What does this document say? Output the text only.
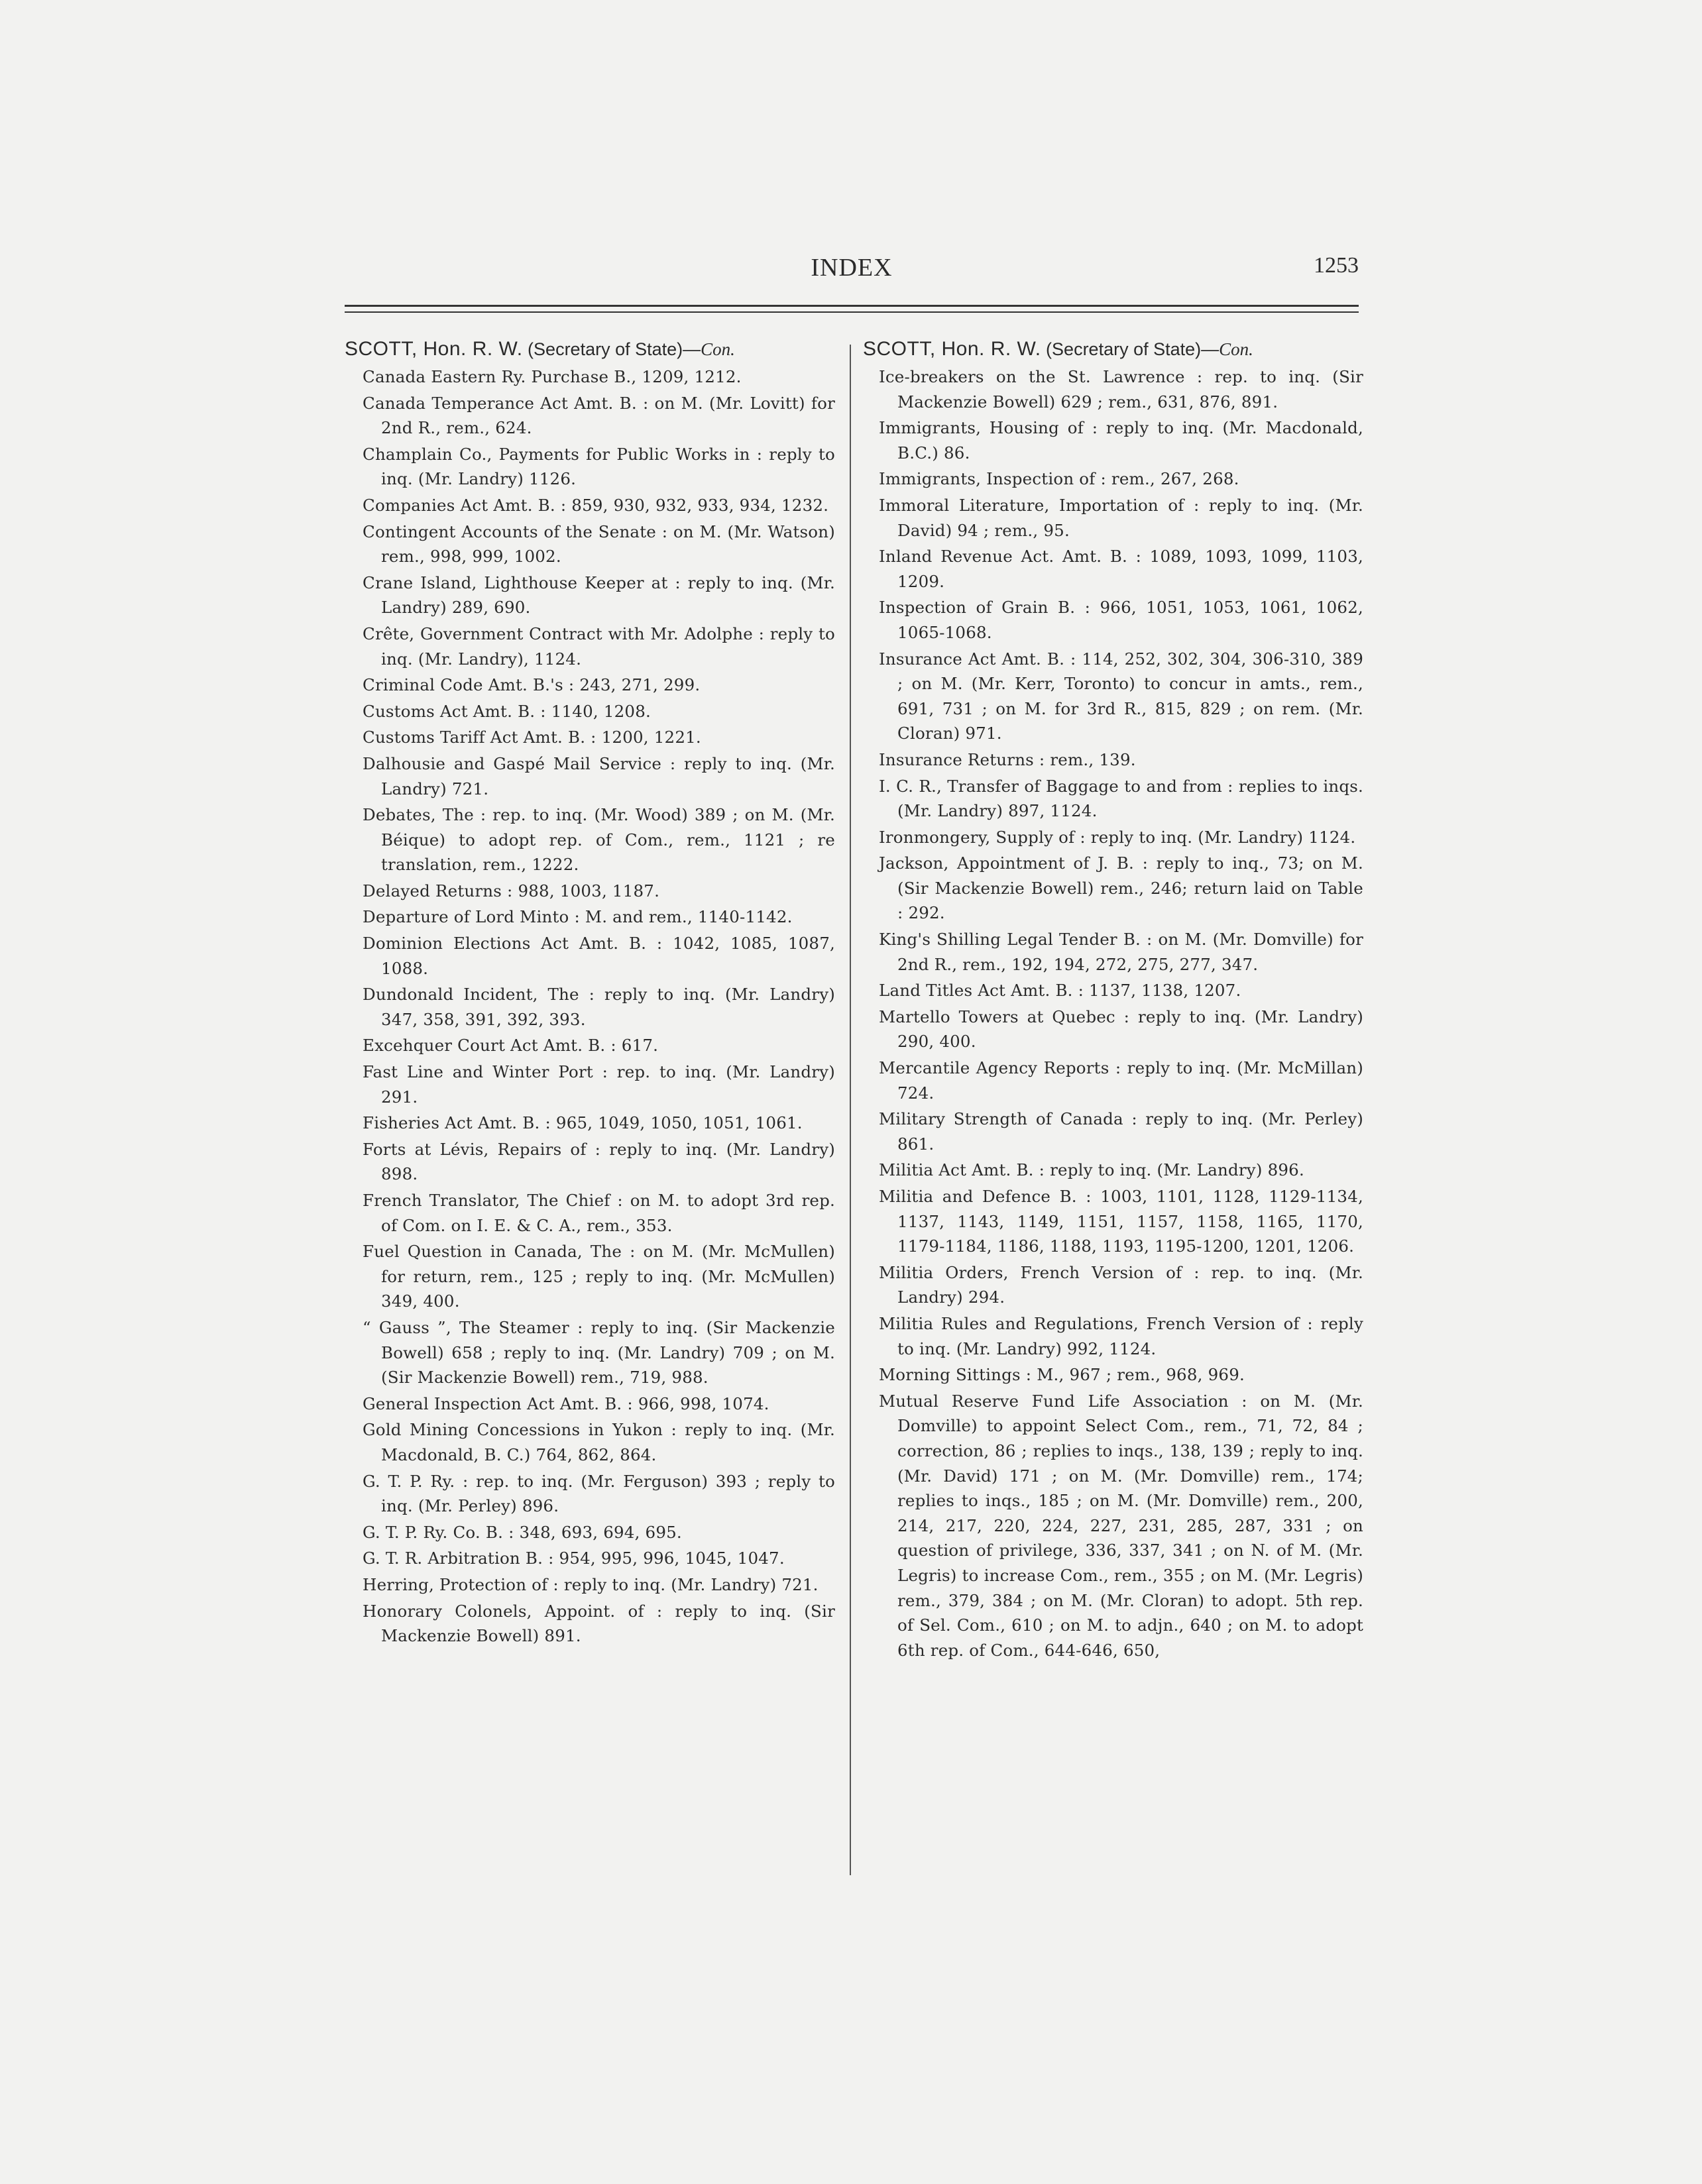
INDEX	1253
SCOTT, Hon. R. W. (Secretary of State)—Con.

Canada Eastern Ry. Purchase B., 1209, 1212.

Canada Temperance Act Amt. B. : on M. (Mr. Lovitt) for 2nd R., rem., 624.

Champlain Co., Payments for Public Works in : reply to inq. (Mr. Landry) 1126.

Companies Act Amt. B. : 859, 930, 932, 933, 934, 1232.

Contingent Accounts of the Senate : on M. (Mr. Watson) rem., 998, 999, 1002.

Crane Island, Lighthouse Keeper at : reply to inq. (Mr. Landry) 289, 690.

Crête, Government Contract with Mr. Adolphe : reply to inq. (Mr. Landry), 1124.

Criminal Code Amt. B.'s : 243, 271, 299.

Customs Act Amt. B. : 1140, 1208.

Customs Tariff Act Amt. B. : 1200, 1221.

Dalhousie and Gaspé Mail Service : reply to inq. (Mr. Landry) 721.

Debates, The : rep. to inq. (Mr. Wood) 389 ; on M. (Mr. Béique) to adopt rep. of Com., rem., 1121 ; re translation, rem., 1222.

Delayed Returns : 988, 1003, 1187.

Departure of Lord Minto : M. and rem., 1140-1142.

Dominion Elections Act Amt. B. : 1042, 1085, 1087, 1088.

Dundonald Incident, The : reply to inq. (Mr. Landry) 347, 358, 391, 392, 393.

Excehquer Court Act Amt. B. : 617.

Fast Line and Winter Port : rep. to inq. (Mr. Landry) 291.

Fisheries Act Amt. B. : 965, 1049, 1050, 1051, 1061.

Forts at Lévis, Repairs of : reply to inq. (Mr. Landry) 898.

French Translator, The Chief : on M. to adopt 3rd rep. of Com. on I. E. & C. A., rem., 353.

Fuel Question in Canada, The : on M. (Mr. McMullen) for return, rem., 125 ; reply to inq. (Mr. McMullen) 349, 400.

“ Gauss ”, The Steamer : reply to inq. (Sir Mackenzie Bowell) 658 ; reply to inq. (Mr. Landry) 709 ; on M. (Sir Mackenzie Bowell) rem., 719, 988.

General Inspection Act Amt. B. : 966, 998, 1074.

Gold Mining Concessions in Yukon : reply to inq. (Mr. Macdonald, B. C.) 764, 862, 864.

G. T. P. Ry. : rep. to inq. (Mr. Ferguson) 393 ; reply to inq. (Mr. Perley) 896.

G. T. P. Ry. Co. B. : 348, 693, 694, 695.

G. T. R. Arbitration B. : 954, 995, 996, 1045, 1047.

Herring, Protection of : reply to inq. (Mr. Landry) 721.

Honorary Colonels, Appoint. of : reply to inq. (Sir Mackenzie Bowell) 891.

SCOTT, Hon. R. W. (Secretary of State)—Con.

Ice-breakers on the St. Lawrence : rep. to inq. (Sir Mackenzie Bowell) 629 ; rem., 631, 876, 891.

Immigrants, Housing of : reply to inq. (Mr. Macdonald, B.C.) 86.

Immigrants, Inspection of : rem., 267, 268.

Immoral Literature, Importation of : reply to inq. (Mr. David) 94 ; rem., 95.

Inland Revenue Act. Amt. B. : 1089, 1093, 1099, 1103, 1209.

Inspection of Grain B. : 966, 1051, 1053, 1061, 1062, 1065-1068.

Insurance Act Amt. B. : 114, 252, 302, 304, 306-310, 389 ; on M. (Mr. Kerr, Toronto) to concur in amts., rem., 691, 731 ; on M. for 3rd R., 815, 829 ; on rem. (Mr. Cloran) 971.

Insurance Returns : rem., 139.

I. C. R., Transfer of Baggage to and from : replies to inqs. (Mr. Landry) 897, 1124.

Ironmongery, Supply of : reply to inq. (Mr. Landry) 1124.

Jackson, Appointment of J. B. : reply to inq., 73; on M. (Sir Mackenzie Bowell) rem., 246; return laid on Table : 292.

King's Shilling Legal Tender B. : on M. (Mr. Domville) for 2nd R., rem., 192, 194, 272, 275, 277, 347.

Land Titles Act Amt. B. : 1137, 1138, 1207.

Martello Towers at Quebec : reply to inq. (Mr. Landry) 290, 400.

Mercantile Agency Reports : reply to inq. (Mr. McMillan) 724.

Military Strength of Canada : reply to inq. (Mr. Perley) 861.

Militia Act Amt. B. : reply to inq. (Mr. Landry) 896.

Militia and Defence B. : 1003, 1101, 1128, 1129-1134, 1137, 1143, 1149, 1151, 1157, 1158, 1165, 1170, 1179-1184, 1186, 1188, 1193, 1195-1200, 1201, 1206.

Militia Orders, French Version of : rep. to inq. (Mr. Landry) 294.

Militia Rules and Regulations, French Version of : reply to inq. (Mr. Landry) 992, 1124.

Morning Sittings : M., 967 ; rem., 968, 969.

Mutual Reserve Fund Life Association : on M. (Mr. Domville) to appoint Select Com., rem., 71, 72, 84 ; correction, 86 ; replies to inqs., 138, 139 ; reply to inq. (Mr. David) 171 ; on M. (Mr. Domville) rem., 174; replies to inqs., 185 ; on M. (Mr. Domville) rem., 200, 214, 217, 220, 224, 227, 231, 285, 287, 331 ; on question of privilege, 336, 337, 341 ; on N. of M. (Mr. Legris) to increase Com., rem., 355 ; on M. (Mr. Legris) rem., 379, 384 ; on M. (Mr. Cloran) to adopt. 5th rep. of Sel. Com., 610 ; on M. to adjn., 640 ; on M. to adopt 6th rep. of Com., 644-646, 650,
